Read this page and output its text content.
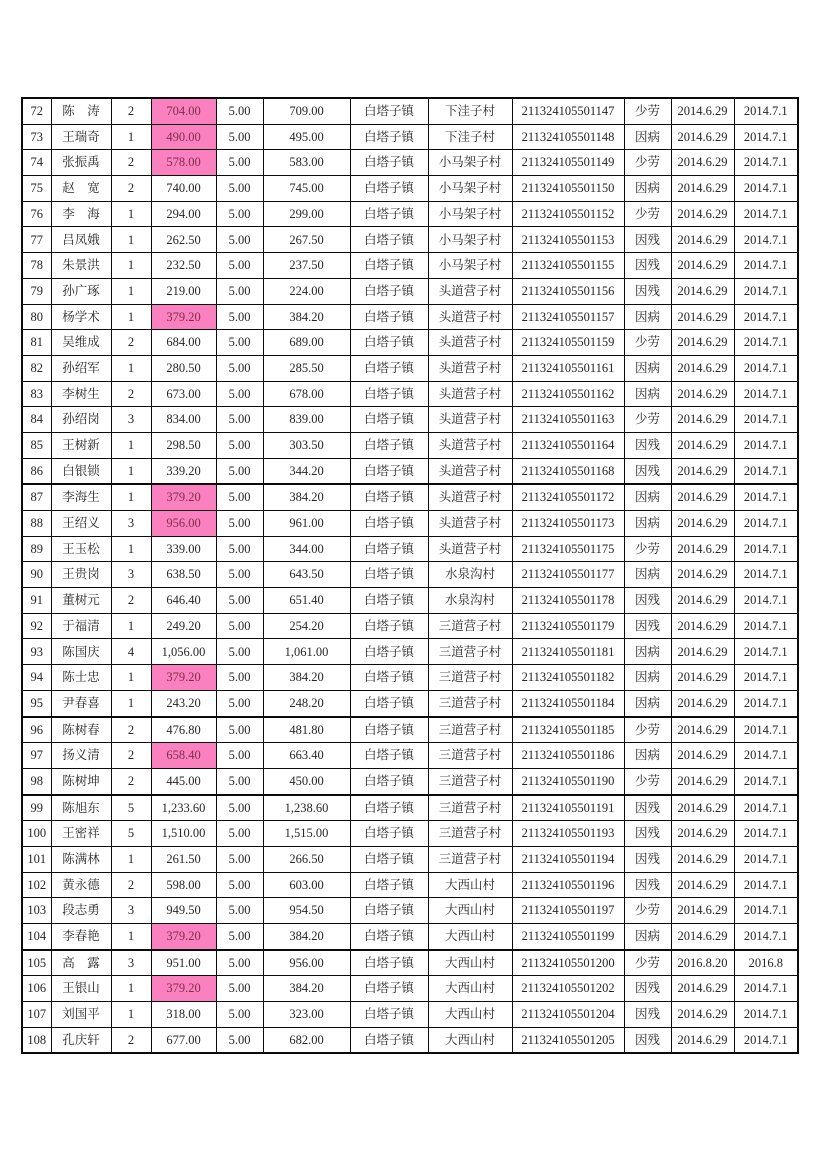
72	陈 涛	2	704.00	5.00	709.00	白塔子镇	下洼子村	211324105501147	少劳	2014.6.29	2014.7.1
73	王瑞奇	1	490.00	5.00	495.00	白塔子镇	下洼子村	211324105501148	因病	2014.6.29	2014.7.1
74	张振禹	2	578.00	5.00	583.00	白塔子镇	小马架子村	211324105501149	少劳	2014.6.29	2014.7.1
75	赵 宽	2	740.00	5.00	745.00	白塔子镇	小马架子村	211324105501150	因病	2014.6.29	2014.7.1
76	李 海	1	294.00	5.00	299.00	白塔子镇	小马架子村	211324105501152	少劳	2014.6.29	2014.7.1
77	吕凤娥	1	262.50	5.00	267.50	白塔子镇	小马架子村	211324105501153	因残	2014.6.29	2014.7.1
78	朱景洪	1	232.50	5.00	237.50	白塔子镇	小马架子村	211324105501155	因残	2014.6.29	2014.7.1
79	孙广琢	1	219.00	5.00	224.00	白塔子镇	头道营子村	211324105501156	因残	2014.6.29	2014.7.1
80	杨学术	1	379.20	5.00	384.20	白塔子镇	头道营子村	211324105501157	因病	2014.6.29	2014.7.1
81	吴维成	2	684.00	5.00	689.00	白塔子镇	头道营子村	211324105501159	少劳	2014.6.29	2014.7.1
82	孙绍军	1	280.50	5.00	285.50	白塔子镇	头道营子村	211324105501161	因病	2014.6.29	2014.7.1
83	李树生	2	673.00	5.00	678.00	白塔子镇	头道营子村	211324105501162	因病	2014.6.29	2014.7.1
84	孙绍岗	3	834.00	5.00	839.00	白塔子镇	头道营子村	211324105501163	少劳	2014.6.29	2014.7.1
85	王树新	1	298.50	5.00	303.50	白塔子镇	头道营子村	211324105501164	因残	2014.6.29	2014.7.1
86	白银锁	1	339.20	5.00	344.20	白塔子镇	头道营子村	211324105501168	因残	2014.6.29	2014.7.1
87	李海生	1	379.20	5.00	384.20	白塔子镇	头道营子村	211324105501172	因病	2014.6.29	2014.7.1
88	王绍义	3	956.00	5.00	961.00	白塔子镇	头道营子村	211324105501173	因病	2014.6.29	2014.7.1
89	王玉松	1	339.00	5.00	344.00	白塔子镇	头道营子村	211324105501175	少劳	2014.6.29	2014.7.1
90	王贵岗	3	638.50	5.00	643.50	白塔子镇	水泉沟村	211324105501177	因病	2014.6.29	2014.7.1
91	董树元	2	646.40	5.00	651.40	白塔子镇	水泉沟村	211324105501178	因残	2014.6.29	2014.7.1
92	于福清	1	249.20	5.00	254.20	白塔子镇	三道营子村	211324105501179	因残	2014.6.29	2014.7.1
93	陈国庆	4	1,056.00	5.00	1,061.00	白塔子镇	三道营子村	211324105501181	因病	2014.6.29	2014.7.1
94	陈士忠	1	379.20	5.00	384.20	白塔子镇	三道营子村	211324105501182	因病	2014.6.29	2014.7.1
95	尹春喜	1	243.20	5.00	248.20	白塔子镇	三道营子村	211324105501184	因病	2014.6.29	2014.7.1
96	陈树春	2	476.80	5.00	481.80	白塔子镇	三道营子村	211324105501185	少劳	2014.6.29	2014.7.1
97	扬义清	2	658.40	5.00	663.40	白塔子镇	三道营子村	211324105501186	因病	2014.6.29	2014.7.1
98	陈树坤	2	445.00	5.00	450.00	白塔子镇	三道营子村	211324105501190	少劳	2014.6.29	2014.7.1
99	陈旭东	5	1,233.60	5.00	1,238.60	白塔子镇	三道营子村	211324105501191	因残	2014.6.29	2014.7.1
100	王密祥	5	1,510.00	5.00	1,515.00	白塔子镇	三道营子村	211324105501193	因残	2014.6.29	2014.7.1
101	陈满林	1	261.50	5.00	266.50	白塔子镇	三道营子村	211324105501194	因残	2014.6.29	2014.7.1
102	黄永德	2	598.00	5.00	603.00	白塔子镇	大西山村	211324105501196	因残	2014.6.29	2014.7.1
103	段志勇	3	949.50	5.00	954.50	白塔子镇	大西山村	211324105501197	少劳	2014.6.29	2014.7.1
104	李春艳	1	379.20	5.00	384.20	白塔子镇	大西山村	211324105501199	因病	2014.6.29	2014.7.1
105	高 露	3	951.00	5.00	956.00	白塔子镇	大西山村	211324105501200	少劳	2016.8.20	2016.8
106	王银山	1	379.20	5.00	384.20	白塔子镇	大西山村	211324105501202	因残	2014.6.29	2014.7.1
107	刘国平	1	318.00	5.00	323.00	白塔子镇	大西山村	211324105501204	因残	2014.6.29	2014.7.1
108	孔庆轩	2	677.00	5.00	682.00	白塔子镇	大西山村	211324105501205	因残	2014.6.29	2014.7.1
